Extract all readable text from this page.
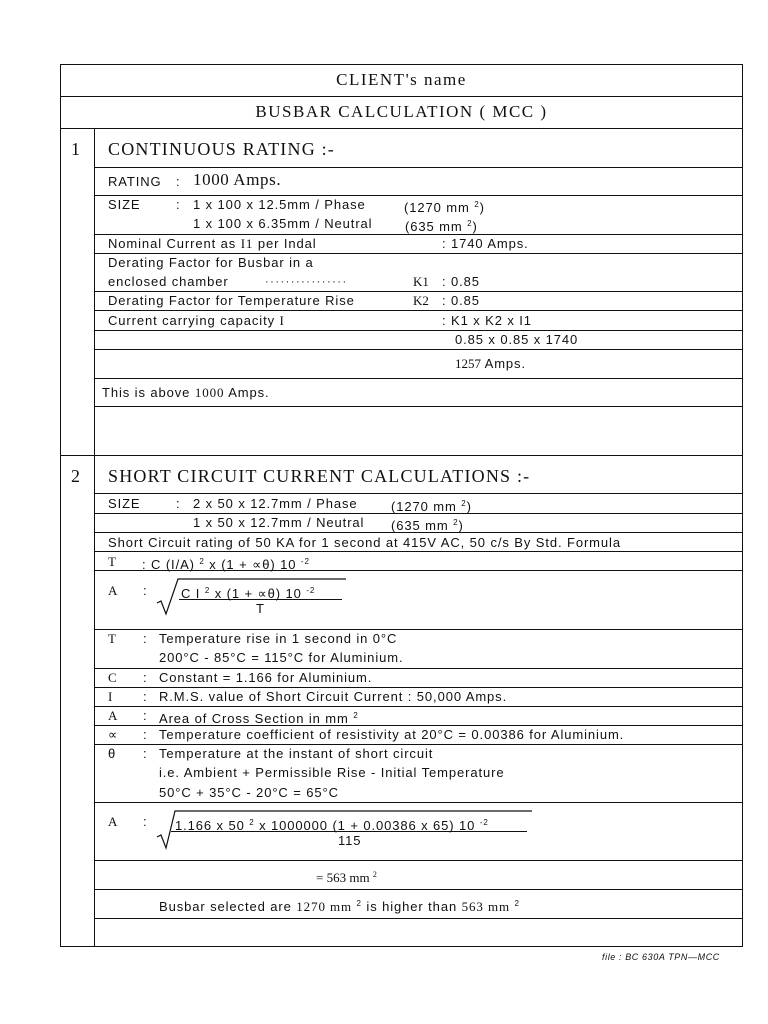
CLIENT's name
BUSBAR CALCULATION ( MCC )
1 CONTINUOUS RATING :-
RATING : 1000 Amps.
SIZE	: 1 x 100 x 12.5mm / Phase	(1270 mm $^2$)
1 x 100 x 6.35mm / Neutral	(635 mm $^2$)
Nominal Current as I1 per Indal	: 1740 Amps.
Derating Factor for Busbar in a
enclosed chamber	················	K1 : 0.85
Derating Factor for Temperature Rise	K2 : 0.85
Current carrying capacity I	: K1 x K2 x I1
0.85 x 0.85 x 1740
1257 Amps.
This is above 1000 Amps.
2 SHORT CIRCUIT CURRENT CALCULATIONS :-
SIZE	: 2 x 50 x 12.7mm / Phase	(1270 mm $^2$)
1 x 50 x 12.7mm / Neutral (635 mm $^2$)
Short Circuit rating of 50 KA for 1 second at 415V AC, 50 c/s By Std. Formula
T : C (I/A) $^2$ x (1 + ∝θ) 10 $^{-2}$
A :	C I $^2$ x (1 + ∝θ) 10 $^{-2}$
T
T : Temperature rise in 1 second in 0°C
200°C - 85°C = 115°C for Aluminium.
C : Constant = 1.166 for Aluminium.
I : R.M.S. value of Short Circuit Current : 50,000 Amps.
A : Area of Cross Section in mm $^2$
∝ : Temperature coefficient of resistivity at 20°C = 0.00386 for Aluminium.
θ : Temperature at the instant of short circuit
i.e. Ambient + Permissible Rise - Initial Temperature
50°C + 35°C - 20°C = 65°C
A : 1.166 x 50 $^2$ x 1000000 (1 + 0.00386 x 65) 10 $^{-2}$
115
= 563 mm $^2$
Busbar selected are 1270 mm $^2$ is higher than 563 mm $^2$
file : BC 630A TPN—MCC
